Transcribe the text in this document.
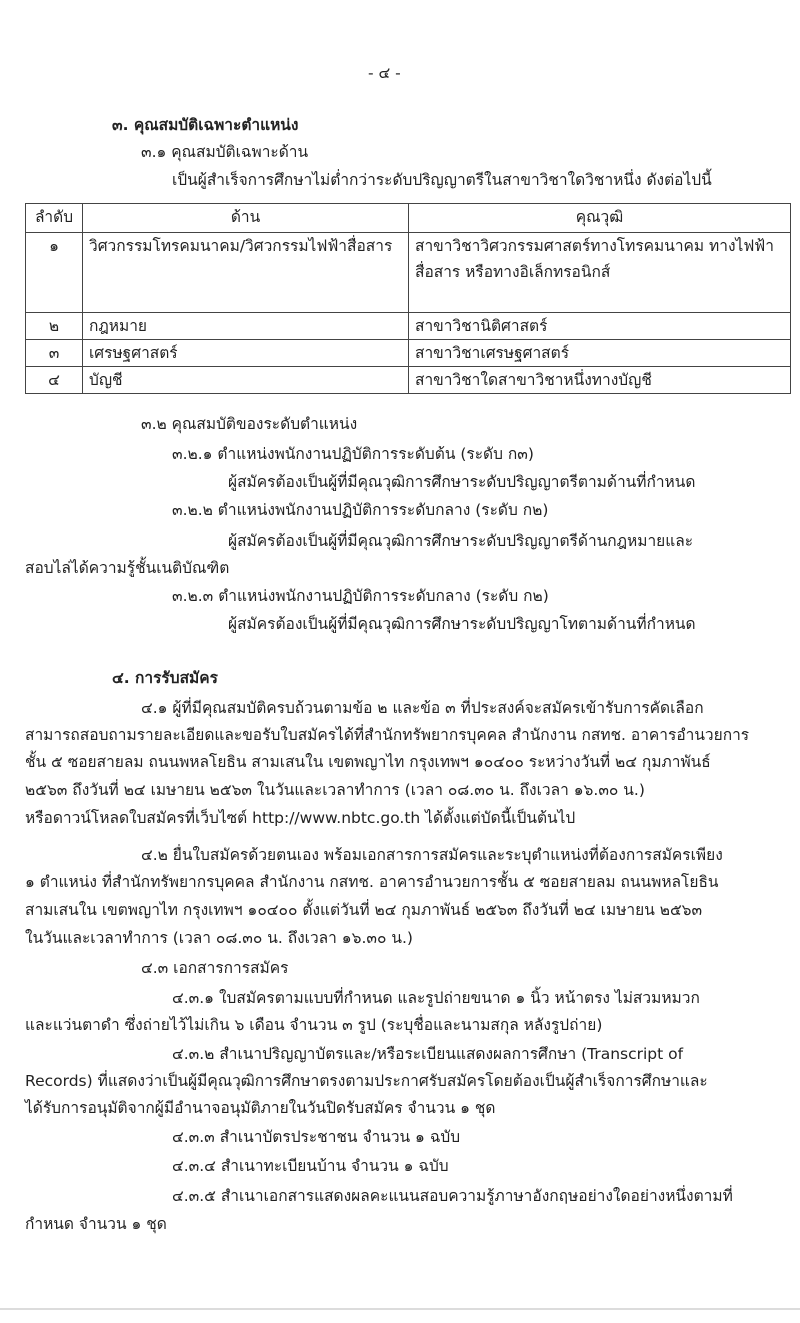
- ๔ -
๓. คุณสมบัติเฉพาะตำแหน่ง
๓.๑ คุณสมบัติเฉพาะด้าน
เป็นผู้สำเร็จการศึกษาไม่ต่ำกว่าระดับปริญญาตรีในสาขาวิชาใดวิชาหนึ่ง ดังต่อไปนี้
ลำดับ	ด้าน	คุณวุฒิ
๑	วิศวกรรมโทรคมนาคม/วิศวกรรมไฟฟ้าสื่อสาร	สาขาวิชาวิศวกรรมศาสตร์ทางโทรคมนาคม ทางไฟฟ้า
สื่อสาร หรือทางอิเล็กทรอนิกส์

๒	กฎหมาย	สาขาวิชานิติศาสตร์
๓	เศรษฐศาสตร์	สาขาวิชาเศรษฐศาสตร์
๔	บัญชี	สาขาวิชาใดสาขาวิชาหนึ่งทางบัญชี
๓.๒ คุณสมบัติของระดับตำแหน่ง
๓.๒.๑ ตำแหน่งพนักงานปฏิบัติการระดับต้น (ระดับ ก๓)
ผู้สมัครต้องเป็นผู้ที่มีคุณวุฒิการศึกษาระดับปริญญาตรีตามด้านที่กำหนด
๓.๒.๒ ตำแหน่งพนักงานปฏิบัติการระดับกลาง (ระดับ ก๒)
ผู้สมัครต้องเป็นผู้ที่มีคุณวุฒิการศึกษาระดับปริญญาตรีด้านกฎหมายและ
สอบไล่ได้ความรู้ชั้นเนติบัณฑิต
๓.๒.๓ ตำแหน่งพนักงานปฏิบัติการระดับกลาง (ระดับ ก๒)
ผู้สมัครต้องเป็นผู้ที่มีคุณวุฒิการศึกษาระดับปริญญาโทตามด้านที่กำหนด
๔. การรับสมัคร
๔.๑ ผู้ที่มีคุณสมบัติครบถ้วนตามข้อ ๒ และข้อ ๓ ที่ประสงค์จะสมัครเข้ารับการคัดเลือก
สามารถสอบถามรายละเอียดและขอรับใบสมัครได้ที่สำนักทรัพยากรบุคคล สำนักงาน กสทช. อาคารอำนวยการ
ชั้น ๕ ซอยสายลม ถนนพหลโยธิน สามเสนใน เขตพญาไท กรุงเทพฯ ๑๐๔๐๐ ระหว่างวันที่ ๒๔ กุมภาพันธ์
๒๕๖๓ ถึงวันที่ ๒๔ เมษายน ๒๕๖๓ ในวันและเวลาทำการ (เวลา ๐๘.๓๐ น. ถึงเวลา ๑๖.๓๐ น.)
หรือดาวน์โหลดใบสมัครที่เว็บไซต์ http://www.nbtc.go.th ได้ตั้งแต่บัดนี้เป็นต้นไป
๔.๒ ยื่นใบสมัครด้วยตนเอง พร้อมเอกสารการสมัครและระบุตำแหน่งที่ต้องการสมัครเพียง
๑ ตำแหน่ง ที่สำนักทรัพยากรบุคคล สำนักงาน กสทช. อาคารอำนวยการชั้น ๕ ซอยสายลม ถนนพหลโยธิน
สามเสนใน เขตพญาไท กรุงเทพฯ ๑๐๔๐๐ ตั้งแต่วันที่ ๒๔ กุมภาพันธ์ ๒๕๖๓ ถึงวันที่ ๒๔ เมษายน ๒๕๖๓
ในวันและเวลาทำการ (เวลา ๐๘.๓๐ น. ถึงเวลา ๑๖.๓๐ น.)
๔.๓ เอกสารการสมัคร
๔.๓.๑ ใบสมัครตามแบบที่กำหนด และรูปถ่ายขนาด ๑ นิ้ว หน้าตรง ไม่สวมหมวก
และแว่นตาดำ ซึ่งถ่ายไว้ไม่เกิน ๖ เดือน จำนวน ๓ รูป (ระบุชื่อและนามสกุล หลังรูปถ่าย)
๔.๓.๒ สำเนาปริญญาบัตรและ/หรือระเบียนแสดงผลการศึกษา (Transcript of
Records) ที่แสดงว่าเป็นผู้มีคุณวุฒิการศึกษาตรงตามประกาศรับสมัครโดยต้องเป็นผู้สำเร็จการศึกษาและ
ได้รับการอนุมัติจากผู้มีอำนาจอนุมัติภายในวันปิดรับสมัคร จำนวน ๑ ชุด
๔.๓.๓ สำเนาบัตรประชาชน จำนวน ๑ ฉบับ
๔.๓.๔ สำเนาทะเบียนบ้าน จำนวน ๑ ฉบับ
๔.๓.๕ สำเนาเอกสารแสดงผลคะแนนสอบความรู้ภาษาอังกฤษอย่างใดอย่างหนึ่งตามที่
กำหนด จำนวน ๑ ชุด
